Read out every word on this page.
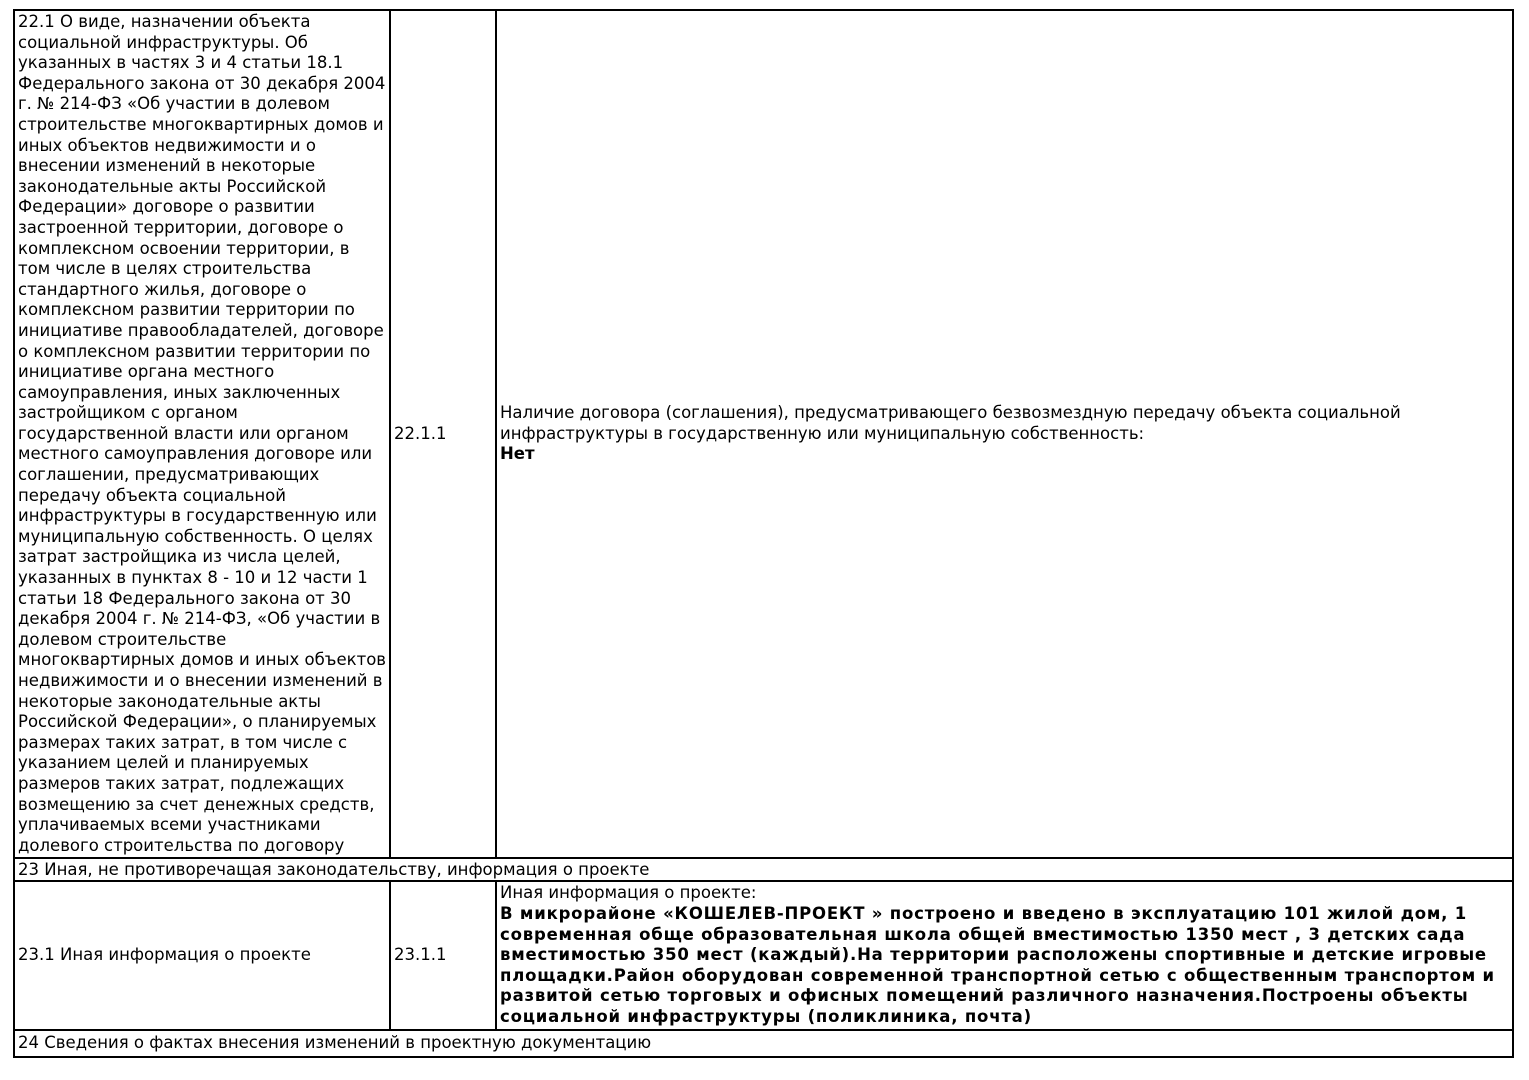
22.1 О виде, назначении объекта социальной инфраструктуры. Об указанных в частях 3 и 4 статьи 18.1 Федерального закона от 30 декабря 2004 г. № 214-ФЗ «Об участии в долевом строительстве многоквартирных домов и иных объектов недвижимости и о внесении изменений в некоторые законодательные акты Российской Федерации» договоре о развитии застроенной территории, договоре о комплексном освоении территории, в том числе в целях строительства стандартного жилья, договоре о комплексном развитии территории по инициативе правообладателей, договоре о комплексном развитии территории по инициативе органа местного самоуправления, иных заключенных застройщиком с органом государственной власти или органом местного самоуправления договоре или соглашении, предусматривающих передачу объекта социальной инфраструктуры в государственную или муниципальную собственность. О целях затрат застройщика из числа целей, указанных в пунктах 8 - 10 и 12 части 1 статьи 18 Федерального закона от 30 декабря 2004 г. № 214-ФЗ, «Об участии в долевом строительстве многоквартирных домов и иных объектов недвижимости и о внесении изменений в некоторые законодательные акты Российской Федерации», о планируемых размерах таких затрат, в том числе с указанием целей и планируемых размеров таких затрат, подлежащих возмещению за счет денежных средств, уплачиваемых всеми участниками долевого строительства по договору	22.1.1	Наличие договора (соглашения), предусматривающего безвозмездную передачу объекта социальной инфраструктуры в государственную или муниципальную собственность:
Нет

23 Иная, не противоречащая законодательству, информация о проекте		
23.1 Иная информация о проекте	23.1.1	Иная информация о проекте:
В микрорайоне «КОШЕЛЕВ-ПРОЕКТ » построено и введено в эксплуатацию 101 жилой дом, 1 современная обще образовательная школа общей вместимостью 1350 мест , 3 детских сада вместимостью 350 мест (каждый).На территории расположены спортивные и детские игровые площадки.Район оборудован современной транспортной сетью с общественным транспортом и развитой сетью торговых и офисных помещений различного назначения.Построены объекты социальной инфраструктуры (поликлиника, почта)

24 Сведения о фактах внесения изменений в проектную документацию		
